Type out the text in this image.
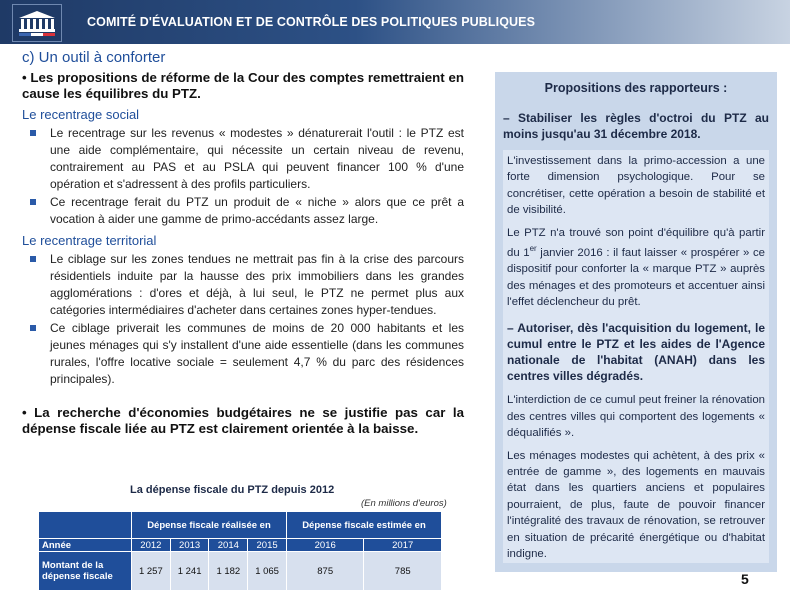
COMITÉ D'ÉVALUATION ET DE CONTRÔLE DES POLITIQUES PUBLIQUES
c) Un outil à conforter

• Les propositions de réforme de la Cour des comptes remettraient en cause les équilibres du PTZ.

Le recentrage social
Le recentrage sur les revenus « modestes » dénaturerait l'outil : le PTZ est une aide complémentaire, qui nécessite un certain niveau de revenu, contrairement au PAS et au PSLA qui peuvent financer 100 % d'une opération et s'adressent à des profils particuliers.
Ce recentrage ferait du PTZ un produit de « niche » alors que ce prêt a vocation à aider une gamme de primo-accédants assez large.
Le recentrage territorial
Le ciblage sur les zones tendues ne mettrait pas fin à la crise des parcours résidentiels induite par la hausse des prix immobiliers dans les grandes agglomérations : d'ores et déjà, à lui seul, le PTZ ne permet plus aux catégories intermédiaires d'acheter dans certaines zones hyper-tendues.
Ce ciblage priverait les communes de moins de 20 000 habitants et les jeunes ménages qui s'y installent d'une aide essentielle (dans les communes rurales, l'offre locative sociale = seulement 4,7 % du parc des résidences principales).

• La recherche d'économies budgétaires ne se justifie pas car la dépense fiscale liée au PTZ est clairement orientée à la baisse.

La dépense fiscale du PTZ depuis 2012
(En millions d'euros)
	Dépense fiscale réalisée en				Dépense fiscale estimée en	
Année	2012	2013	2014	2015	2016	2017
Montant de la dépense fiscale	1 257	1 241	1 182	1 065	875	785
Propositions des rapporteurs :

– Stabiliser les règles d'octroi du PTZ au moins jusqu'au 31 décembre 2018.

L'investissement dans la primo-accession a une forte dimension psychologique. Pour se concrétiser, cette opération a besoin de stabilité et de visibilité.

Le PTZ n'a trouvé son point d'équilibre qu'à partir du 1er janvier 2016 : il faut laisser « prospérer » ce dispositif pour conforter la « marque PTZ » auprès des ménages et des promoteurs et accentuer ainsi l'effet déclencheur du prêt.

– Autoriser, dès l'acquisition du logement, le cumul entre le PTZ et les aides de l'Agence nationale de l'habitat (ANAH) dans les centres villes dégradés.

L'interdiction de ce cumul peut freiner la rénovation des centres villes qui comportent des logements « déqualifiés ».

Les ménages modestes qui achètent, à des prix « entrée de gamme », des logements en mauvais état dans les quartiers anciens et populaires pourraient, de plus, faute de pouvoir financer l'intégralité des travaux de rénovation, se retrouver en situation de précarité énergétique ou d'habitat indigne.

5
